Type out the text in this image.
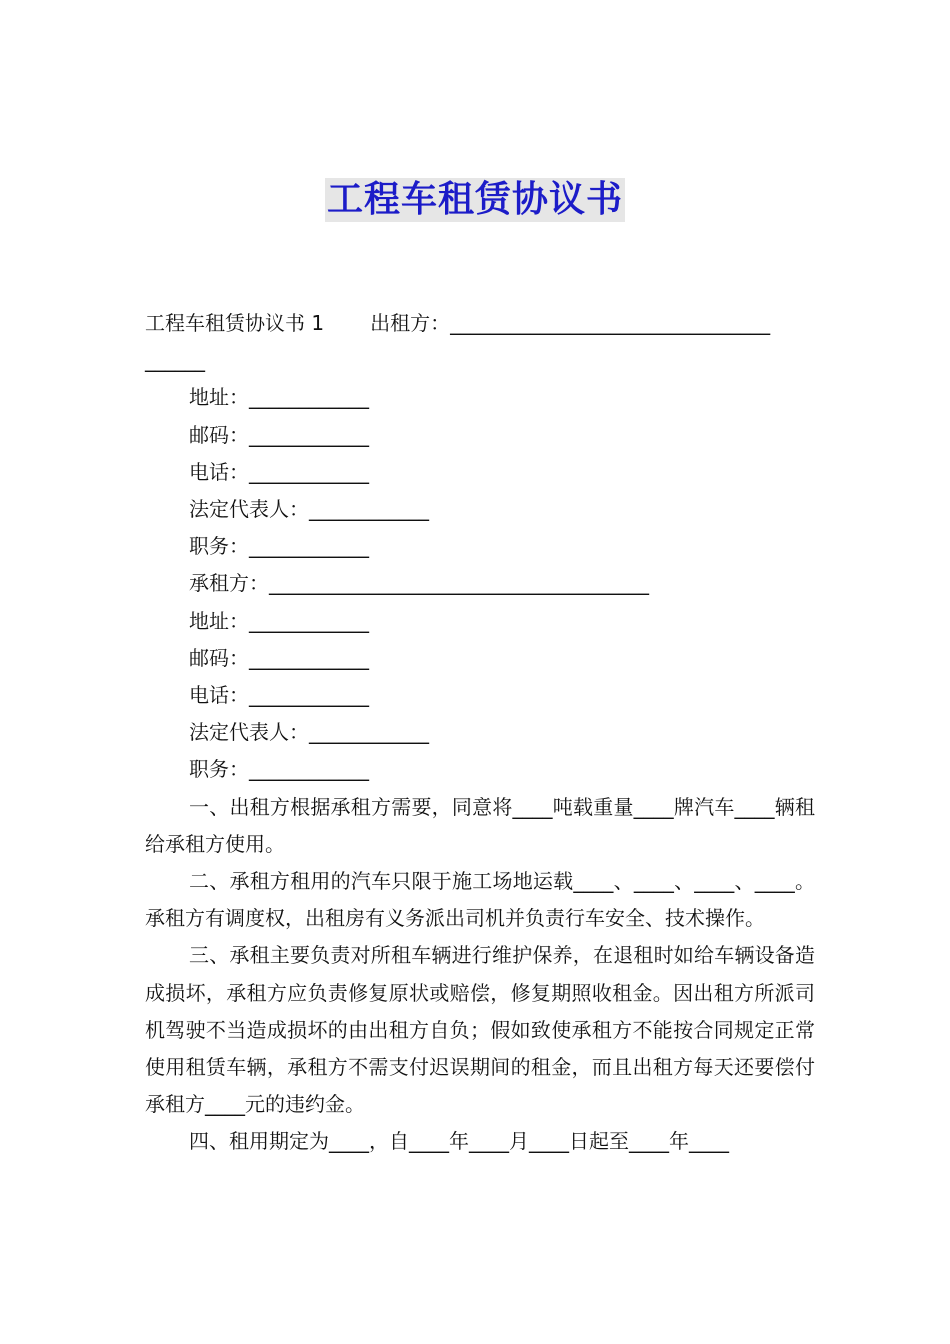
工程车租赁协议书
工程车租赁协议书 1 出租方：________________________________
______
地址：____________
邮码：____________
电话：____________
法定代表人：____________
职务：____________
承租方：______________________________________
地址：____________
邮码：____________
电话：____________
法定代表人：____________
职务：____________
一、出租方根据承租方需要，同意将____吨载重量____牌汽车____辆租给承租方使用。
二、承租方租用的汽车只限于施工场地运载____、____、____、____。承租方有调度权，出租房有义务派出司机并负责行车安全、技术操作。
三、承租主要负责对所租车辆进行维护保养，在退租时如给车辆设备造成损坏，承租方应负责修复原状或赔偿，修复期照收租金。因出租方所派司机驾驶不当造成损坏的由出租方自负；假如致使承租方不能按合同规定正常使用租赁车辆，承租方不需支付迟误期间的租金，而且出租方每天还要偿付承租方____元的违约金。
四、租用期定为____，自____年____月____日起至____年____
